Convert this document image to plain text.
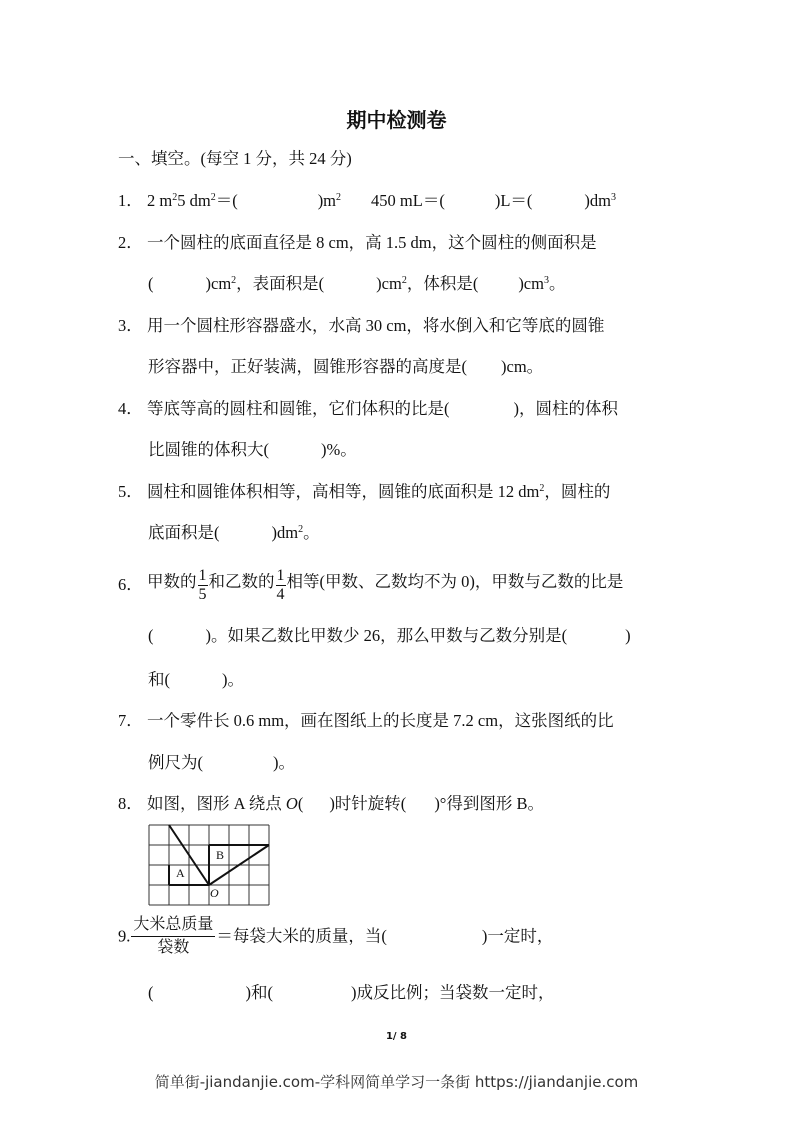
期中检测卷
一、填空。(每空 1 分，共 24 分)
1． 2 $m^25$ $dm^2=$(	)$m^2$ 450 mL＝(	)L＝(	)$dm^3$
2． 一个圆柱的底面直径是 8 cm，高 1.5 dm，这个圆柱的侧面积是
(	)$cm^2$，表面积是(	)$cm^2$，体积是( )$cm^3$。
3． 用一个圆柱形容器盛水，水高 30 cm，将水倒入和它等底的圆锥
形容器中，正好装满，圆锥形容器的高度是( )cm。
4． 等底等高的圆柱和圆锥，它们体积的比是(	)，圆柱的体积
比圆锥的体积大(	)%。
5． 圆柱和圆锥体积相等，高相等，圆锥的底面积是 12 $dm^2$，圆柱的
底面积是(	)$dm^2$。
6． 甲数的 $\frac{1}{5}$ 和乙数的 $\frac{1}{4}$ 相等(甲数、乙数均不为 0)，甲数与乙数的比是
(	)。如果乙数比甲数少 26，那么甲数与乙数分别是(	)
和(	)。
7． 一个零件长 0.6 mm，画在图纸上的长度是 7.2 cm，这张图纸的比
例尺为(	)。
8． 如图，图形 A 绕点 O( )时针旋转( )°得到图形 B。
A
B
O
9. $\frac{\text{大米总质量}}{\text{袋数}}$ ＝每袋大米的质量，当(	)一定时，
(	)和(	)成反比例；当袋数一定时，
1/ 8
简单街-jiandanjie.com-学科网简单学习一条街 https://jiandanjie.com
